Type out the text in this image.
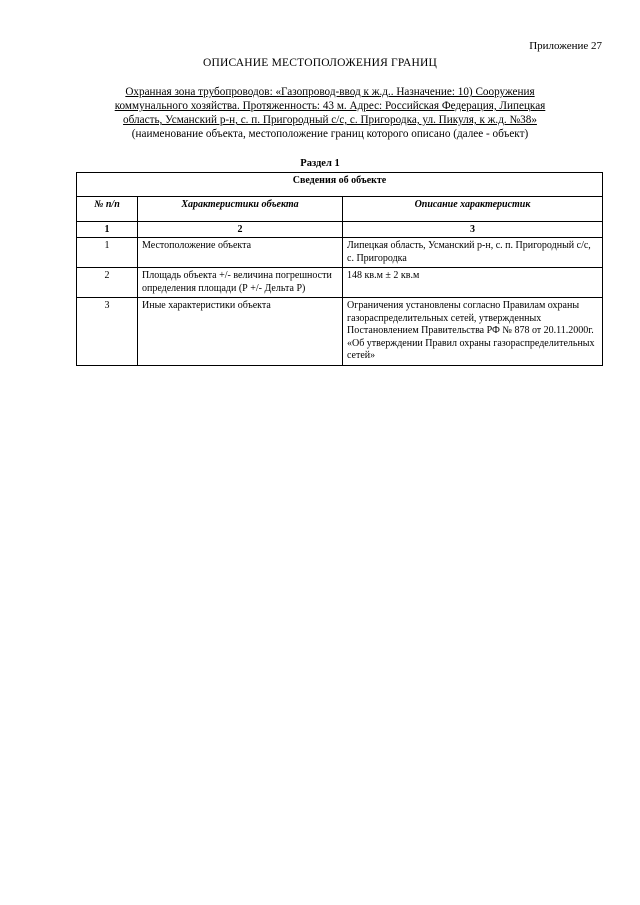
Приложение 27
ОПИСАНИЕ МЕСТОПОЛОЖЕНИЯ ГРАНИЦ
Охранная зона трубопроводов: «Газопровод-ввод к ж.д.. Назначение: 10) Сооружения
коммунального хозяйства. Протяженность: 43 м. Адрес: Российская Федерация, Липецкая
область, Усманский р-н, с. п. Пригородный с/с, с. Пригородка, ул. Пикуля, к ж.д. №38»
(наименование объекта, местоположение границ которого описано (далее - объект)
Раздел 1
Сведения об объекте		
№ п/п	Характеристики объекта	Описание характеристик
1	2	3
1	Местоположение объекта	Липецкая область, Усманский р-н, с. п. Пригородный с/с, с. Пригородка
2	Площадь объекта +/- величина погрешности определения площади (Р +/- Дельта Р)	148 кв.м ± 2 кв.м
3	Иные характеристики объекта	Ограничения установлены согласно Правилам охраны газораспределительных сетей, утвержденных Постановлением Правительства РФ № 878 от 20.11.2000г. «Об утверждении Правил охраны газораспределительных сетей»
